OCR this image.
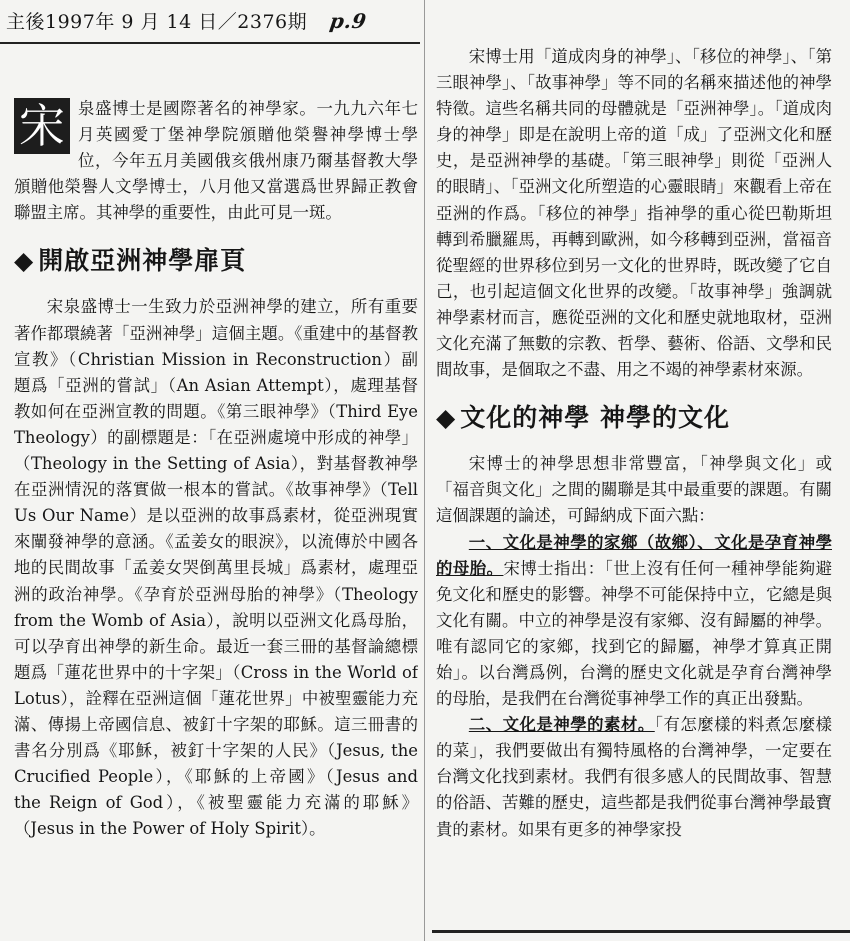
主後1997年 9 月 14 日／2376期 p.9

宋 泉盛博士是國際著名的神學家。一九九六年七月英國愛丁堡神學院頒贈他榮譽神學博士學位，今年五月美國俄亥俄州康乃爾基督教大學頒贈他榮譽人文學博士，八月他又當選爲世界歸正教會聯盟主席。其神學的重要性，由此可見一斑。

◆ 開啟亞洲神學扉頁

宋泉盛博士一生致力於亞洲神學的建立，所有重要著作都環繞著「亞洲神學」這個主題。《重建中的基督教宣教》（Christian Mission in Reconstruction）副題爲「亞洲的嘗試」（An Asian Attempt），處理基督教如何在亞洲宣教的問題。《第三眼神學》（Third Eye Theology）的副標題是：「在亞洲處境中形成的神學」（Theology in the Setting of Asia），對基督教神學在亞洲情況的落實做一根本的嘗試。《故事神學》（Tell Us Our Name）是以亞洲的故事爲素材，從亞洲現實來闡發神學的意涵。《孟姜女的眼淚》，以流傳於中國各地的民間故事「孟姜女哭倒萬里長城」爲素材，處理亞洲的政治神學。《孕育於亞洲母胎的神學》（Theology from the Womb of Asia），說明以亞洲文化爲母胎，可以孕育出神學的新生命。最近一套三冊的基督論總標題爲「蓮花世界中的十字架」（Cross in the World of Lotus），詮釋在亞洲這個「蓮花世界」中被聖靈能力充滿、傳揚上帝國信息、被釘十字架的耶穌。這三冊書的書名分別爲《耶穌，被釘十字架的人民》（Jesus, the Crucified People），《耶穌的上帝國》（Jesus and the Reign of God），《被聖靈能力充滿的耶穌》（Jesus in the Power of Holy Spirit）。

宋博士用「道成肉身的神學」、「移位的神學」、「第三眼神學」、「故事神學」等不同的名稱來描述他的神學特徵。這些名稱共同的母體就是「亞洲神學」。「道成肉身的神學」即是在說明上帝的道「成」了亞洲文化和歷史，是亞洲神學的基礎。「第三眼神學」則從「亞洲人的眼睛」、「亞洲文化所塑造的心靈眼睛」來觀看上帝在亞洲的作爲。「移位的神學」指神學的重心從巴勒斯坦轉到希臘羅馬，再轉到歐洲，如今移轉到亞洲，當福音從聖經的世界移位到另一文化的世界時，既改變了它自己，也引起這個文化世界的改變。「故事神學」強調就神學素材而言，應從亞洲的文化和歷史就地取材，亞洲文化充滿了無數的宗教、哲學、藝術、俗語、文學和民間故事，是個取之不盡、用之不竭的神學素材來源。

◆ 文化的神學 神學的文化

宋博士的神學思想非常豐富，「神學與文化」或「福音與文化」之間的關聯是其中最重要的課題。有關這個課題的論述，可歸納成下面六點：

一、文化是神學的家鄉（故鄉）、文化是孕育神學的母胎。宋博士指出：「世上沒有任何一種神學能夠避免文化和歷史的影響。神學不可能保持中立，它總是與文化有關。中立的神學是沒有家鄉、沒有歸屬的神學。唯有認同它的家鄉，找到它的歸屬，神學才算真正開始」。以台灣爲例，台灣的歷史文化就是孕育台灣神學的母胎，是我們在台灣從事神學工作的真正出發點。

二、文化是神學的素材。「有怎麼樣的料煮怎麼樣的菜」，我們要做出有獨特風格的台灣神學，一定要在台灣文化找到素材。我們有很多感人的民間故事、智慧的俗語、苦難的歷史，這些都是我們從事台灣神學最寶貴的素材。如果有更多的神學家投
